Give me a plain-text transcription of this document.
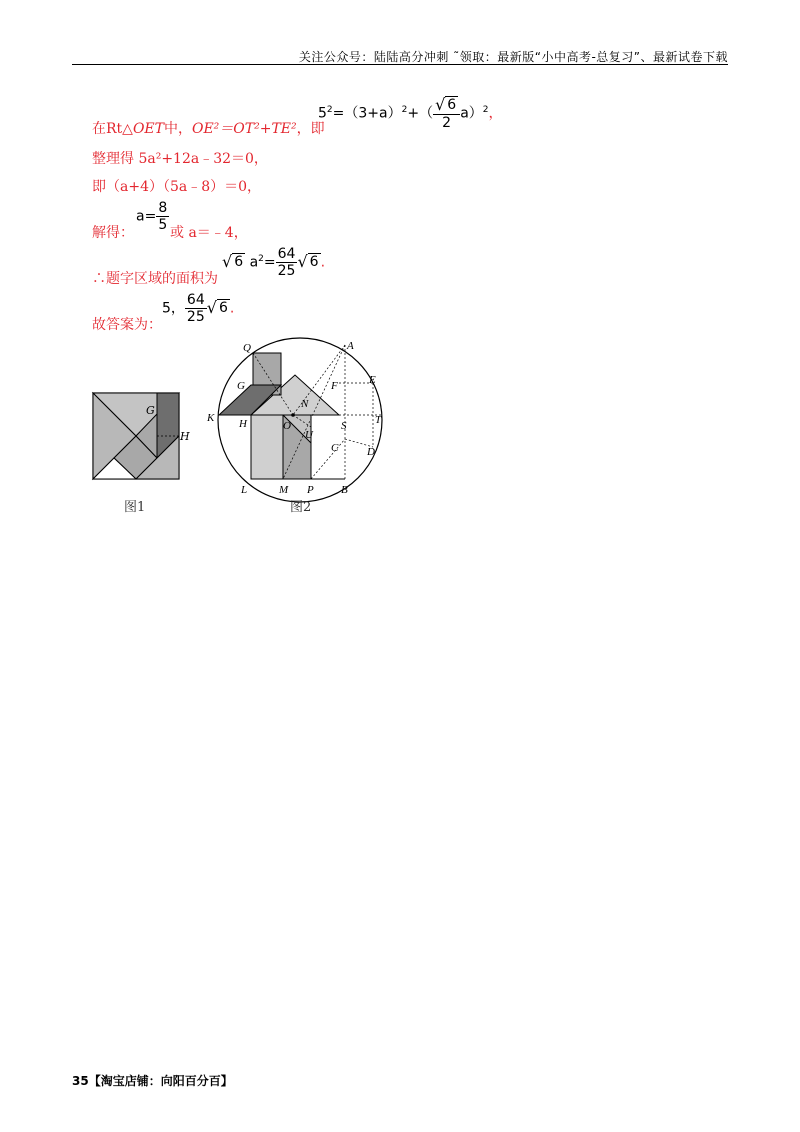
关注公众号：陆陆高分冲刺 ˜领取：最新版“小中高考-总复习”、最新试卷下载
在Rt△OET中，OE²＝OT²+TE²，即
$5^2=(3+a)^2+( \frac{√ 6}{2} a)^2$，
整理得 5a²+12a﹣32＝0，
即（a+4）（5a﹣8）＝0，
解得：
$a= \frac{8}{5}$ 或 a＝﹣4，
∴题字区域的面积为
√ 6 $a^2= \frac{64}{25}$ √ 6 .
故答案为：
5， $\frac{64}{25}$ √ 6 .
G
H
图1
Q	A
G	F	E
N
K H	O
U
S	T
C	D
L	M P B
图2
35【淘宝店铺：向阳百分百】
